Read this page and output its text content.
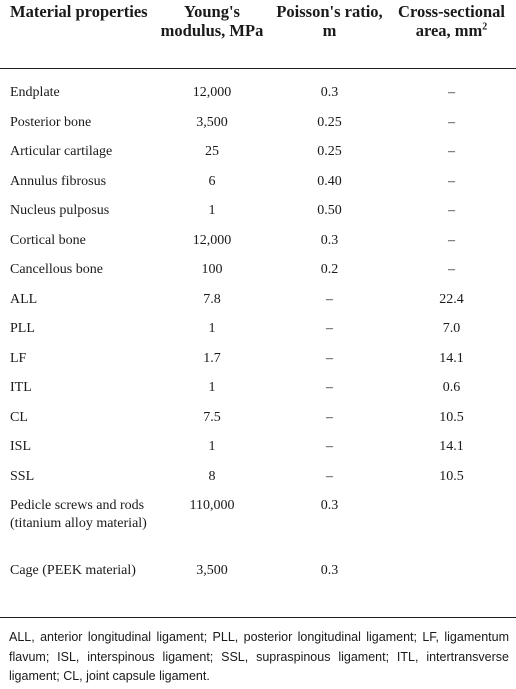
Material properties	Young's modulus, MPa	Poisson's ratio, m	Cross-sectional area, $mm^2$

Endplate	12,000	0.3	–
Posterior bone	3,500	0.25	–
Articular cartilage	25	0.25	–
Annulus fibrosus	6	0.40	–
Nucleus pulposus	1	0.50	–
Cortical bone	12,000	0.3	–
Cancellous bone	100	0.2	–
ALL	7.8	–	22.4
PLL	1	–	7.0
LF	1.7	–	14.1
ITL	1	–	0.6
CL	7.5	–	10.5
ISL	1	–	14.1
SSL	8	–	10.5
Pedicle screws and rods (titanium alloy material)	110,000	0.3	
Cage (PEEK material)	3,500	0.3	
ALL, anterior longitudinal ligament; PLL, posterior longitudinal ligament; LF, ligamentum flavum; ISL, interspinous ligament; SSL, supraspinous ligament; ITL, intertransverse ligament; CL, joint capsule ligament.
